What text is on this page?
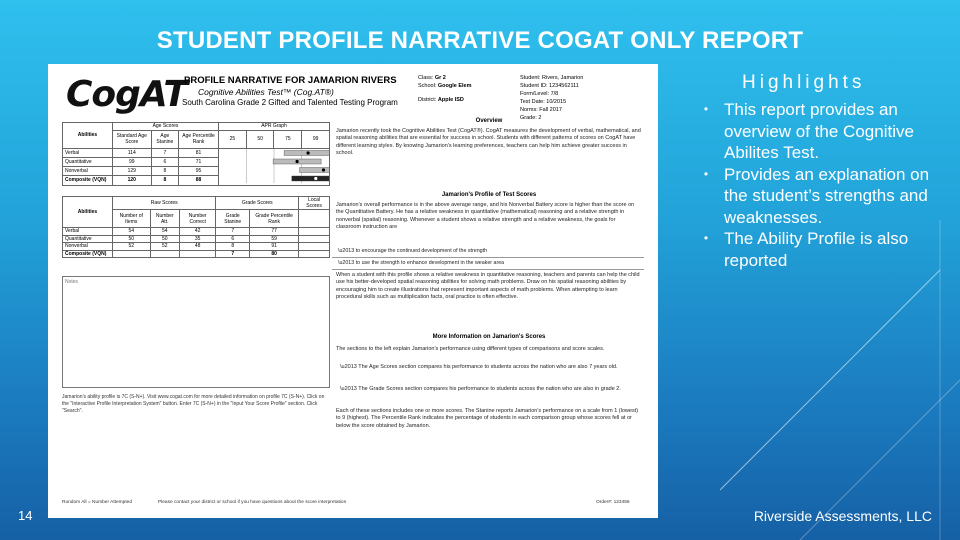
STUDENT PROFILE NARRATIVE COGAT ONLY REPORT
CogAT
PROFILE NARRATIVE FOR JAMARION RIVERS
Cognitive Abilities Test™ (Cog.AT®)
South Carolina Grade 2 Gifted and Talented Testing Program
Class: Gr 2
School: Google Elem
District: Apple ISD
Student: Rivers, Jamarion
Student ID: 1234562111
Form/Level: 7/8
Test Date: 10/2015
Norms: Fall 2017
Grade: 2
Abilities	Age Scores			APR Graph			
	Standard Age Score	Age Stanine	Age Percentile Rank	25	50	75	99
Verbal	114	7	81	
Quantitative	99	6	71				
Nonverbal	129	8	95				
Composite (VQN)	120	8	88				
Abilities	Raw Scores			Grade Scores		Local Scores
	Number of Items	Number Att.	Number Correct	Grade Stanine	Grade Percentile Rank	
Verbal	54	54	42	7	77	
Quantitative	50	50	35	6	59	
Nonverbal	52	52	48	8	91	
Composite (VQN)				7	80	
Notes
Jamarion's ability profile is 7C (S-N+). Visit www.cogat.com for more detailed information on profile 7C (S-N+). Click on the "Interactive Profile Interpretation System" button. Enter 7C (S-N+) in the "Input Your Score Profile" section. Click "Search".
Overview
Jamarion recently took the Cognitive Abilities Test (CogAT®). CogAT measures the development of verbal, mathematical, and spatial reasoning abilities that are essential for success in school. Students with different patterns of scores on CogAT have different learning styles. By knowing Jamarion's learning preferences, teachers can help him achieve greater success in school.
Jamarion's Profile of Test Scores
Jamarion's overall performance is in the above average range, and his Nonverbal Battery score is higher than the score on the Quantitative Battery. He has a relative weakness in quantitative (mathematical) reasoning and a relative strength in nonverbal (spatial) reasoning. Whenever a student shows a relative strength and a relative weakness, the goals for classroom instruction are
\u2013 to encourage the continued development of the strength
\u2013 to use the strength to enhance development in the weaker area
When a student with this profile shows a relative weakness in quantitative reasoning, teachers and parents can help the child use his better-developed spatial reasoning abilities for solving math problems. Draw on his spatial reasoning abilities by encouraging him to create illustrations that represent important aspects of math problems. When attempting to learn procedural skills such as multiplication facts, oral practice is often effective.
More Information on Jamarion's Scores
The sections to the left explain Jamarion's performance using different types of comparisons and score scales.
\u2013 The Age Scores section compares his performance to students across the nation who are also 7 years old.
\u2013 The Grade Scores section compares his performance to students across the nation who are also in grade 2.
Each of these sections includes one or more scores. The Stanine reports Jamarion's performance on a scale from 1 (lowest) to 9 (highest). The Percentile Rank indicates the percentage of students in each comparison group whose scores fell at or below the score obtained by Jamarion.
Rundom All = Number Attempted	Please contact your district or school if you have questions about the score interpretation	Order#: 123456
Highlights
• This report provides an overview of the Cognitive Abilites Test.
• Provides an explanation on the student’s strengths and weaknesses.
• The Ability Profile is also reported
14	Riverside Assessments, LLC
